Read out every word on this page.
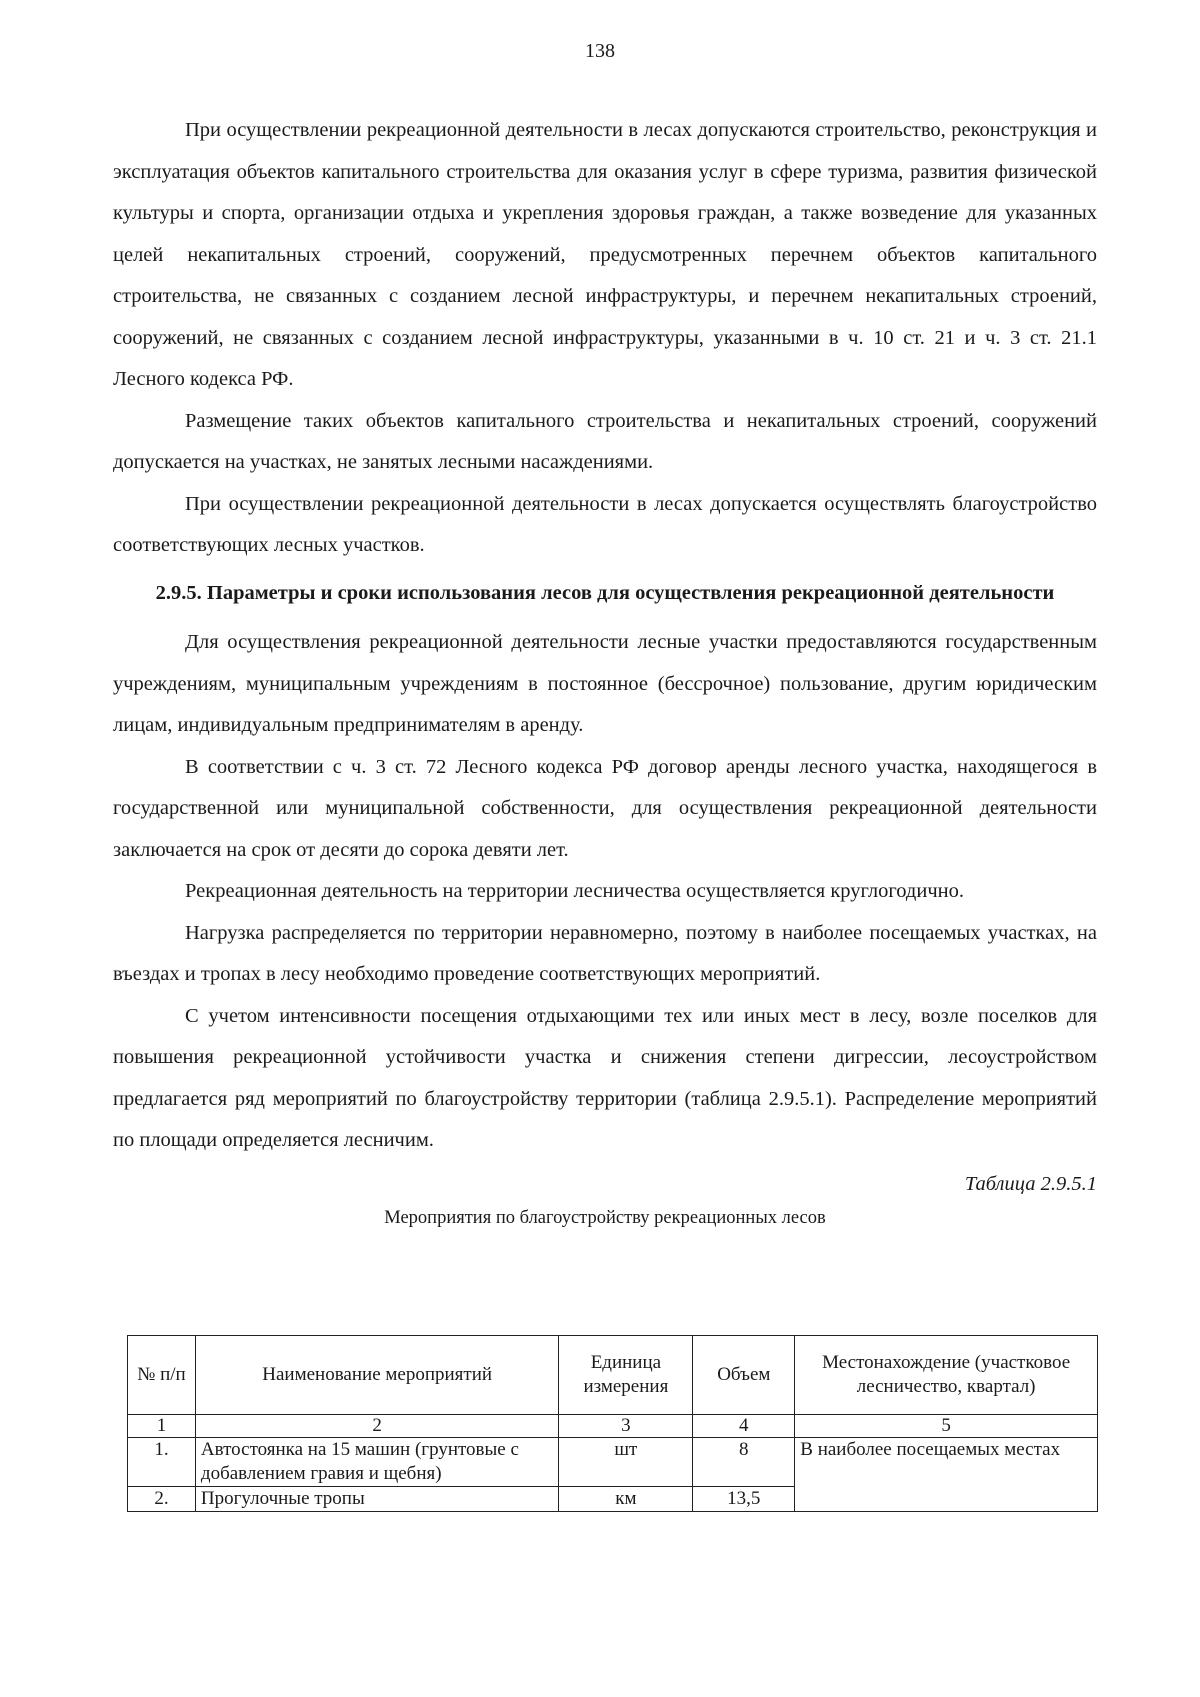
138

При осуществлении рекреационной деятельности в лесах допускаются строительство, реконструкция и эксплуатация объектов капитального строительства для оказания услуг в сфере туризма, развития физической культуры и спорта, организации отдыха и укрепления здоровья граждан, а также возведение для указанных целей некапитальных строений, сооружений, предусмотренных перечнем объектов капитального строительства, не связанных с созданием лесной инфраструктуры, и перечнем некапитальных строений, сооружений, не связанных с созданием лесной инфраструктуры, указанными в ч. 10 ст. 21 и ч. 3 ст. 21.1 Лесного кодекса РФ.

Размещение таких объектов капитального строительства и некапитальных строений, сооружений допускается на участках, не занятых лесными насаждениями.

При осуществлении рекреационной деятельности в лесах допускается осуществлять благоустройство соответствующих лесных участков.

2.9.5. Параметры и сроки использования лесов для осуществления рекреационной деятельности

Для осуществления рекреационной деятельности лесные участки предоставляются государственным учреждениям, муниципальным учреждениям в постоянное (бессрочное) пользование, другим юридическим лицам, индивидуальным предпринимателям в аренду.

В соответствии с ч. 3 ст. 72 Лесного кодекса РФ договор аренды лесного участка, находящегося в государственной или муниципальной собственности, для осуществления рекреационной деятельности заключается на срок от десяти до сорока девяти лет.

Рекреационная деятельность на территории лесничества осуществляется круглогодично.

Нагрузка распределяется по территории неравномерно, поэтому в наиболее посещаемых участках, на въездах и тропах в лесу необходимо проведение соответствующих мероприятий.

С учетом интенсивности посещения отдыхающими тех или иных мест в лесу, возле поселков для повышения рекреационной устойчивости участка и снижения степени дигрессии, лесоустройством предлагается ряд мероприятий по благоустройству территории (таблица 2.9.5.1). Распределение мероприятий по площади определяется лесничим.

Таблица 2.9.5.1
Мероприятия по благоустройству рекреационных лесов
№ п/п	Наименование мероприятий	Единица измерения	Объем	Местонахождение (участковое лесничество, квартал)
1	2	3	4	5
1.	Автостоянка на 15 машин (грунтовые с добавлением гравия и щебня)	шт	8	В наиболее посещаемых местах
2.	Прогулочные тропы	км	13,5	
